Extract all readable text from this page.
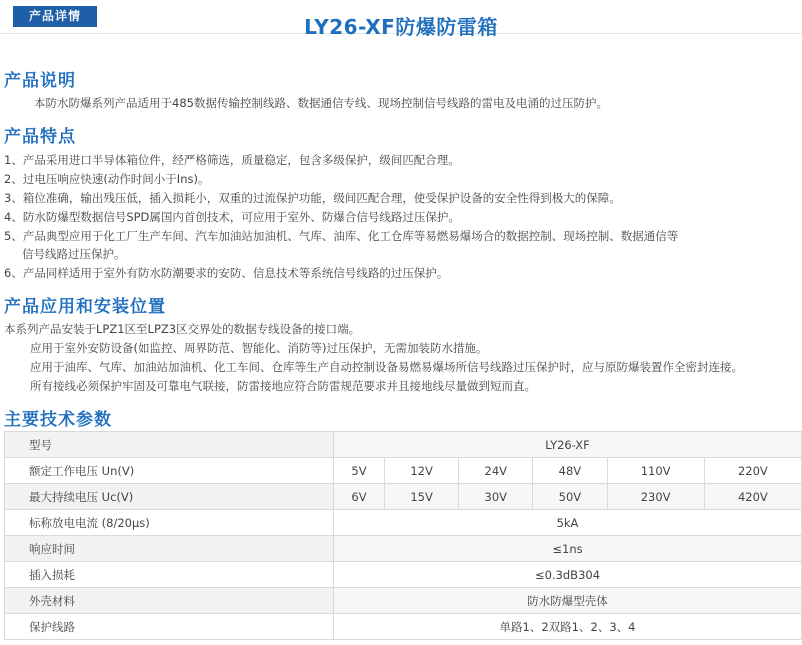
产品详情	LY26-XF防爆防雷箱
产品说明
本防水防爆系列产品适用于485数据传输控制线路、数据通信专线、现场控制信号线路的雷电及电涌的过压防护。
产品特点
1、产品采用进口半导体箱位件，经严格筛选，质量稳定，包含多级保护，级间匹配合理。
2、过电压响应快速(动作时间小于Ins)。
3、箱位准确，输出残压低，插入损耗小，双重的过流保护功能，级间匹配合理，使受保护设备的安全性得到极大的保障。
4、防水防爆型数据信号SPD属国内首创技术，可应用于室外、防爆合信号线路过压保护。
5、产品典型应用于化工厂生产车间、汽车加油站加油机、气库、油库、化工仓库等易燃易爆场合的数据控制、现场控制、数据通信等
信号线路过压保护。
6、产品同样适用于室外有防水防潮要求的安防、信息技术等系统信号线路的过压保护。
产品应用和安装位置
本系列产品安装于LPZ1区至LPZ3区交界处的数据专线设备的接口端。
应用于室外安防设备(如监控、周界防范、智能化、消防等)过压保护，无需加装防水措施。
应用于油库、气库、加油站加油机、化工车间、仓库等生产自动控制设备易燃易爆场所信号线路过压保护时，应与原防爆装置作全密封连接。
所有接线必须保护牢固及可靠电气联接，防雷接地应符合防雷规范要求并且接地线尽量做到短而直。
主要技术参数
型号	LY26-XF					
额定工作电压 Un(V)	5V	12V	24V	48V	110V	220V
最大持续电压 Uc(V)	6V	15V	30V	50V	230V	420V
标称放电电流 (8/20μs)	5kA					
响应时间	≤1ns					
插入损耗	≤0.3dB304					
外壳材料	防水防爆型壳体					
保护线路	单路1、2双路1、2、3、4					
